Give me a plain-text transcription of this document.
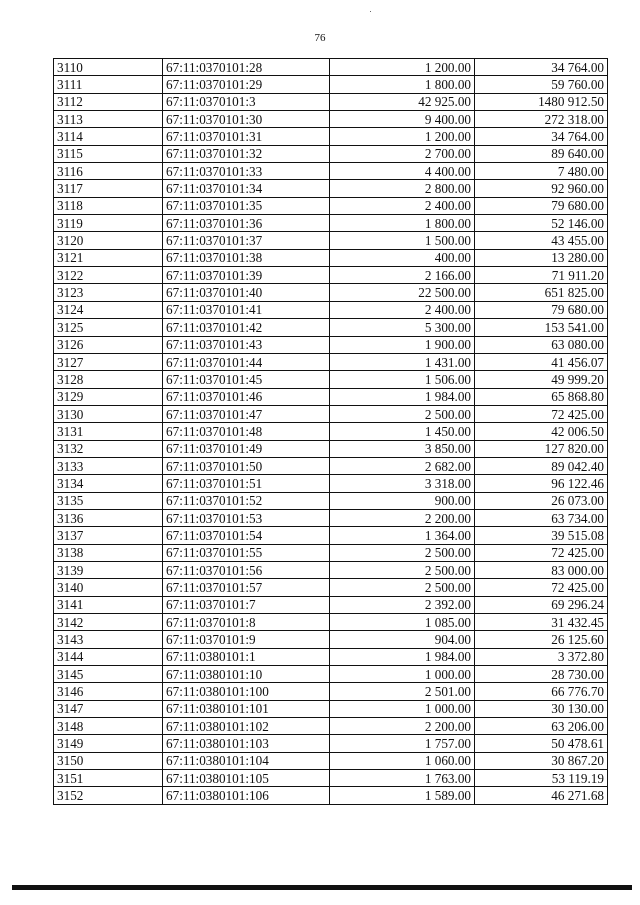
76
3110	67:11:0370101:28	1 200.00	34 764.00
3111	67:11:0370101:29	1 800.00	59 760.00
3112	67:11:0370101:3	42 925.00	1480 912.50
3113	67:11:0370101:30	9 400.00	272 318.00
3114	67:11:0370101:31	1 200.00	34 764.00
3115	67:11:0370101:32	2 700.00	89 640.00
3116	67:11:0370101:33	4 400.00	7 480.00
3117	67:11:0370101:34	2 800.00	92 960.00
3118	67:11:0370101:35	2 400.00	79 680.00
3119	67:11:0370101:36	1 800.00	52 146.00
3120	67:11:0370101:37	1 500.00	43 455.00
3121	67:11:0370101:38	400.00	13 280.00
3122	67:11:0370101:39	2 166.00	71 911.20
3123	67:11:0370101:40	22 500.00	651 825.00
3124	67:11:0370101:41	2 400.00	79 680.00
3125	67:11:0370101:42	5 300.00	153 541.00
3126	67:11:0370101:43	1 900.00	63 080.00
3127	67:11:0370101:44	1 431.00	41 456.07
3128	67:11:0370101:45	1 506.00	49 999.20
3129	67:11:0370101:46	1 984.00	65 868.80
3130	67:11:0370101:47	2 500.00	72 425.00
3131	67:11:0370101:48	1 450.00	42 006.50
3132	67:11:0370101:49	3 850.00	127 820.00
3133	67:11:0370101:50	2 682.00	89 042.40
3134	67:11:0370101:51	3 318.00	96 122.46
3135	67:11:0370101:52	900.00	26 073.00
3136	67:11:0370101:53	2 200.00	63 734.00
3137	67:11:0370101:54	1 364.00	39 515.08
3138	67:11:0370101:55	2 500.00	72 425.00
3139	67:11:0370101:56	2 500.00	83 000.00
3140	67:11:0370101:57	2 500.00	72 425.00
3141	67:11:0370101:7	2 392.00	69 296.24
3142	67:11:0370101:8	1 085.00	31 432.45
3143	67:11:0370101:9	904.00	26 125.60
3144	67:11:0380101:1	1 984.00	3 372.80
3145	67:11:0380101:10	1 000.00	28 730.00
3146	67:11:0380101:100	2 501.00	66 776.70
3147	67:11:0380101:101	1 000.00	30 130.00
3148	67:11:0380101:102	2 200.00	63 206.00
3149	67:11:0380101:103	1 757.00	50 478.61
3150	67:11:0380101:104	1 060.00	30 867.20
3151	67:11:0380101:105	1 763.00	53 119.19
3152	67:11:0380101:106	1 589.00	46 271.68
